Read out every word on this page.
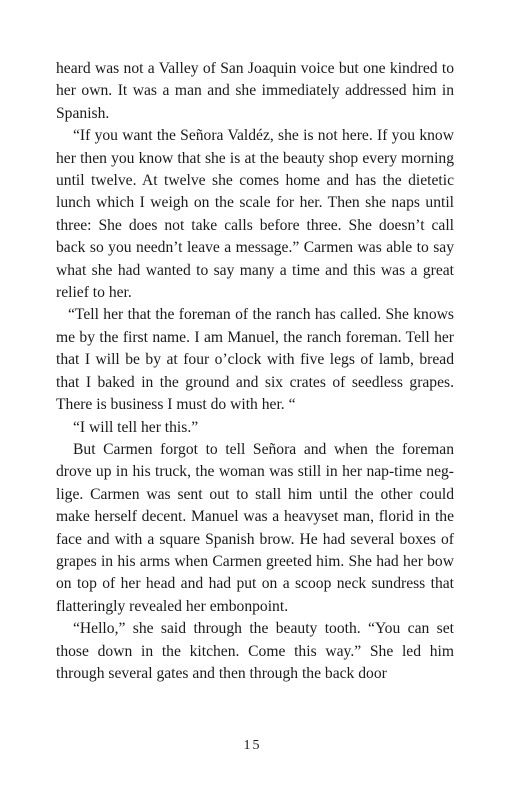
heard was not a Valley of San Joaquin voice but one kindred to her own. It was a man and she immediately addressed him in Spanish.

“If you want the Señora Valdéz, she is not here. If you know her then you know that she is at the beauty shop every morning until twelve. At twelve she comes home and has the dietetic lunch which I weigh on the scale for her. Then she naps until three: She does not take calls before three. She doesn’t call back so you needn’t leave a message.” Carmen was able to say what she had wanted to say many a time and this was a great relief to her.

“Tell her that the foreman of the ranch has called. She knows me by the first name. I am Manuel, the ranch foreman. Tell her that I will be by at four o’clock with five legs of lamb, bread that I baked in the ground and six crates of seedless grapes. There is business I must do with her. “

“I will tell her this.”

But Carmen forgot to tell Señora and when the foreman drove up in his truck, the woman was still in her nap-time neglige. Carmen was sent out to stall him until the other could make herself decent. Manuel was a heavyset man, florid in the face and with a square Spanish brow. He had several boxes of grapes in his arms when Carmen greeted him. She had her bow on top of her head and had put on a scoop neck sundress that flatteringly revealed her embonpoint.

“Hello,” she said through the beauty tooth. “You can set those down in the kitchen. Come this way.” She led him through several gates and then through the back door

15
